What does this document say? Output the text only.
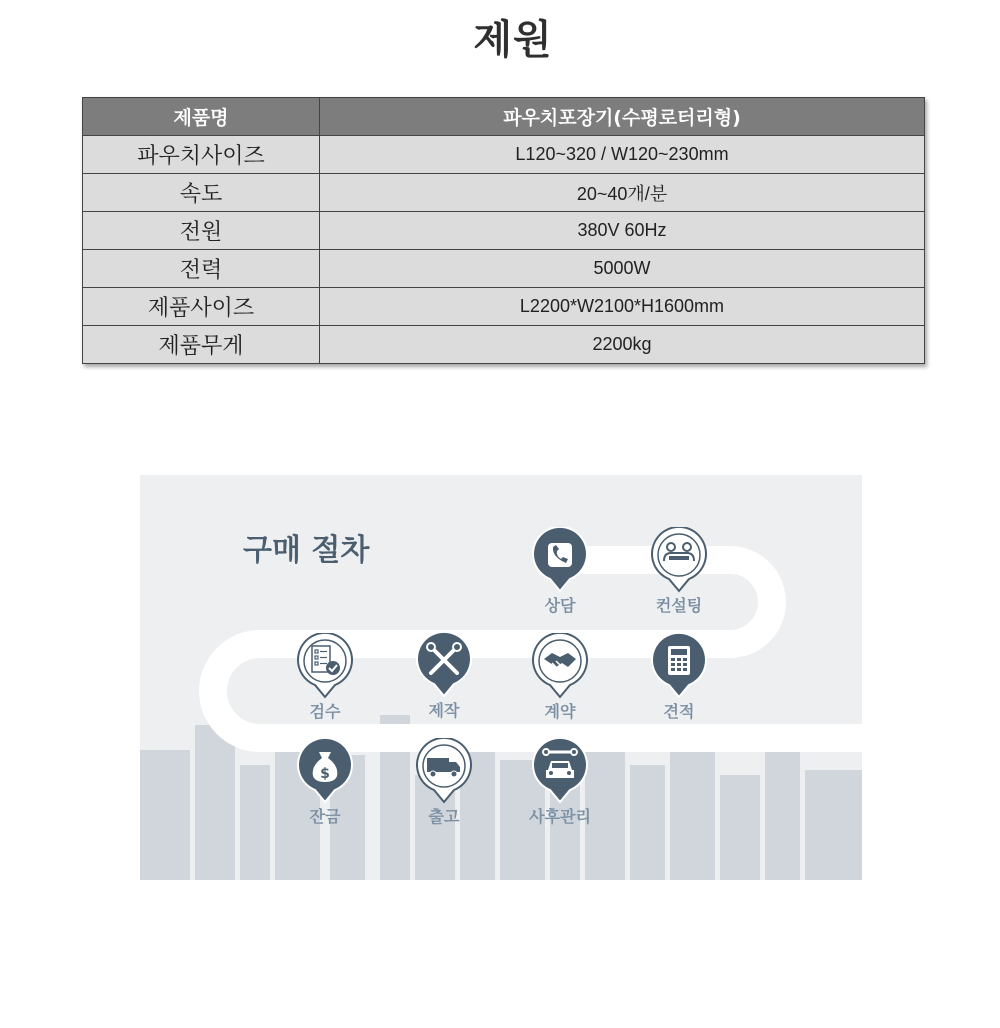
제원
제품명	파우치포장기(수평로터리형)
파우치사이즈	L120~320 / W120~230mm
속도	20~40개/분
전원	380V 60Hz
전력	5000W
제품사이즈	L2200*W2100*H1600mm
제품무게	2200kg
구매 절차
상담	컨설팅
견적
계약
제작
검수
$
잔금	출고	사후관리
